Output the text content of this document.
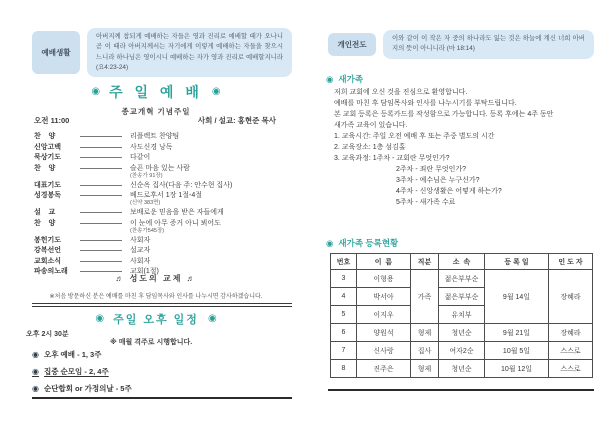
예배생활
아버지께 참되게 예배하는 자들은 영과 진리로 예배할 때가 오나니 곧 이 때라 아버지께서는 자기에게 이렇게 예배하는 자들을 찾으시느니라 하나님은 영이시니 예배하는 자가 영과 진리로 예배할지니라 (요4:23-24)
◉ 주 일 예 배 ◉
종교개혁 기념주일
오전 11:00	사회 / 설교: 홍현준 목사
찬    양	리플렉트 찬양팀
신앙고백	사도신경 낭독
묵상기도	다같이
찬    양	슬픈 마음 있는 사람
(찬송가 91장)
대표기도	신순옥 집사(다음 주: 안수현 집사)
성경봉독	베드로후서 1장 1절-4절
(신약 383면)
설    교	보배로운 믿음을 받은 자들에게
찬    양	이 눈에 아무 증거 아니 뵈어도
(찬송가545장)
봉헌기도	사회자
강복선언	설교자
교회소식	사회자
파송의노래	교회(1절)
♬ 성도의 교제 ♬
※처음 방문하신 분은 예배를 마친 후 담임목사와 인사를 나누시면 감사하겠습니다.
◉ 주일 오후 일정 ◉
오후 2시 30분
※ 매월 격주로 시행합니다.
◉ 오후 예배 - 1, 3주
◉ 집중 순모임 - 2, 4주
◉ 순단합회 or 가정의날 - 5주
개인전도
이와 같이 이 작은 자 중의 하나라도 잃는 것은 하늘에 계신 너희 아버지의 뜻이 아니니라 (마 18:14)
◉ 새가족
저희 교회에 오신 것을 진심으로 환영합니다.
예배를 마친 후 담임목사와 인사를 나누시기를 부탁드립니다.
본 교회 등록은 등록카드를 작성함으로 가능합니다. 등록 후에는 4주 동안
새가족 교육이 있습니다.
1. 교육시간: 주일 오전 예배 후 또는 주중 별도의 시간
2. 교육장소: 1층 섬김홀
3. 교육과정: 1주차 - 교회란 무엇인가?
2주차 - 죄란 무엇인가?
3주차 - 예수님은 누구신가?
4주차 - 신앙생활은 어떻게 하는가?
5주차 - 새가족 수료
◉ 새가족 등록현황
번호	이  름	직분	소  속	등 록 일	인 도 자
3	이형용	가족	젊은부부순	9월 14일	장혜라
4	박서아		젊은부부순		
5	이지우		유치부		
6	양원석	형제	청년순	9월 21일	장혜라
7	신사랑	집사	여자2순	10월 5일	스스로
8	진주은	형제	청년순	10월 12일	스스로
